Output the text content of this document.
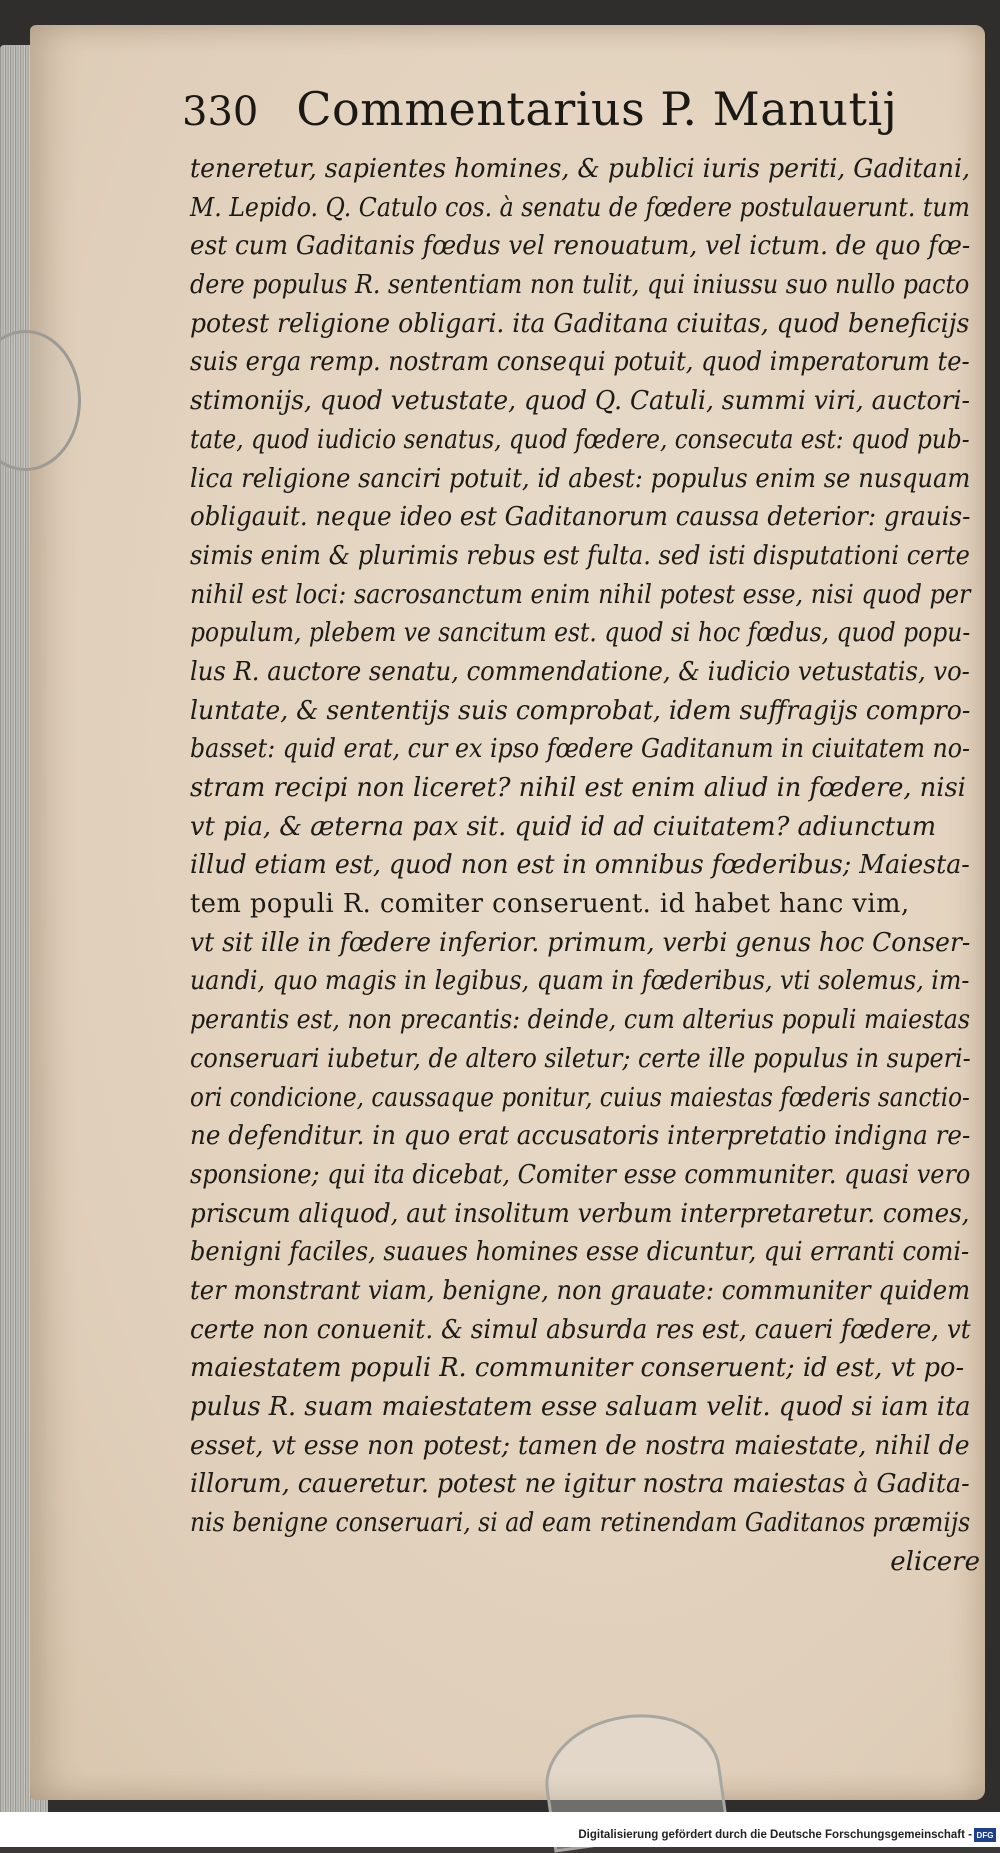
330 Commentarius P. Manutij
teneretur, sapientes homines, & publici iuris periti, Gaditani,
M. Lepido. Q. Catulo cos. à senatu de fœdere postulauerunt. tum
est cum Gaditanis fœdus vel renouatum, vel ictum. de quo fœ-
dere populus R. sententiam non tulit, qui iniussu suo nullo pacto
potest religione obligari. ita Gaditana ciuitas, quod beneficijs
suis erga remp. nostram consequi potuit, quod imperatorum te-
stimonijs, quod vetustate, quod Q. Catuli, summi viri, auctori-
tate, quod iudicio senatus, quod fœdere, consecuta est: quod pub-
lica religione sanciri potuit, id abest: populus enim se nusquam
obligauit. neque ideo est Gaditanorum caussa deterior: grauis-
simis enim & plurimis rebus est fulta. sed isti disputationi certe
nihil est loci: sacrosanctum enim nihil potest esse, nisi quod per
populum, plebem ve sancitum est. quod si hoc fœdus, quod popu-
lus R. auctore senatu, commendatione, & iudicio vetustatis, vo-
luntate, & sententijs suis comprobat, idem suffragijs compro-
basset: quid erat, cur ex ipso fœdere Gaditanum in ciuitatem no-
stram recipi non liceret? nihil est enim aliud in fœdere, nisi
vt pia, & æterna pax sit. quid id ad ciuitatem? adiunctum
illud etiam est, quod non est in omnibus fœderibus; Maiesta-
tem populi R. comiter conseruent. id habet hanc vim,
vt sit ille in fœdere inferior. primum, verbi genus hoc Conser-
uandi, quo magis in legibus, quam in fœderibus, vti solemus, im-
perantis est, non precantis: deinde, cum alterius populi maiestas
conseruari iubetur, de altero siletur; certe ille populus in superi-
ori condicione, caussaque ponitur, cuius maiestas fœderis sanctio-
ne defenditur. in quo erat accusatoris interpretatio indigna re-
sponsione; qui ita dicebat, Comiter esse communiter. quasi vero
priscum aliquod, aut insolitum verbum interpretaretur. comes,
benigni faciles, suaues homines esse dicuntur, qui erranti comi-
ter monstrant viam, benigne, non grauate: communiter quidem
certe non conuenit. & simul absurda res est, caueri fœdere, vt
maiestatem populi R. communiter conseruent; id est, vt po-
pulus R. suam maiestatem esse saluam velit. quod si iam ita
esset, vt esse non potest; tamen de nostra maiestate, nihil de
illorum, caueretur. potest ne igitur nostra maiestas à Gadita-
nis benigne conseruari, si ad eam retinendam Gaditanos præmijs
elicere
Digitalisierung gefördert durch die Deutsche Forschungsgemeinschaft - DFG
